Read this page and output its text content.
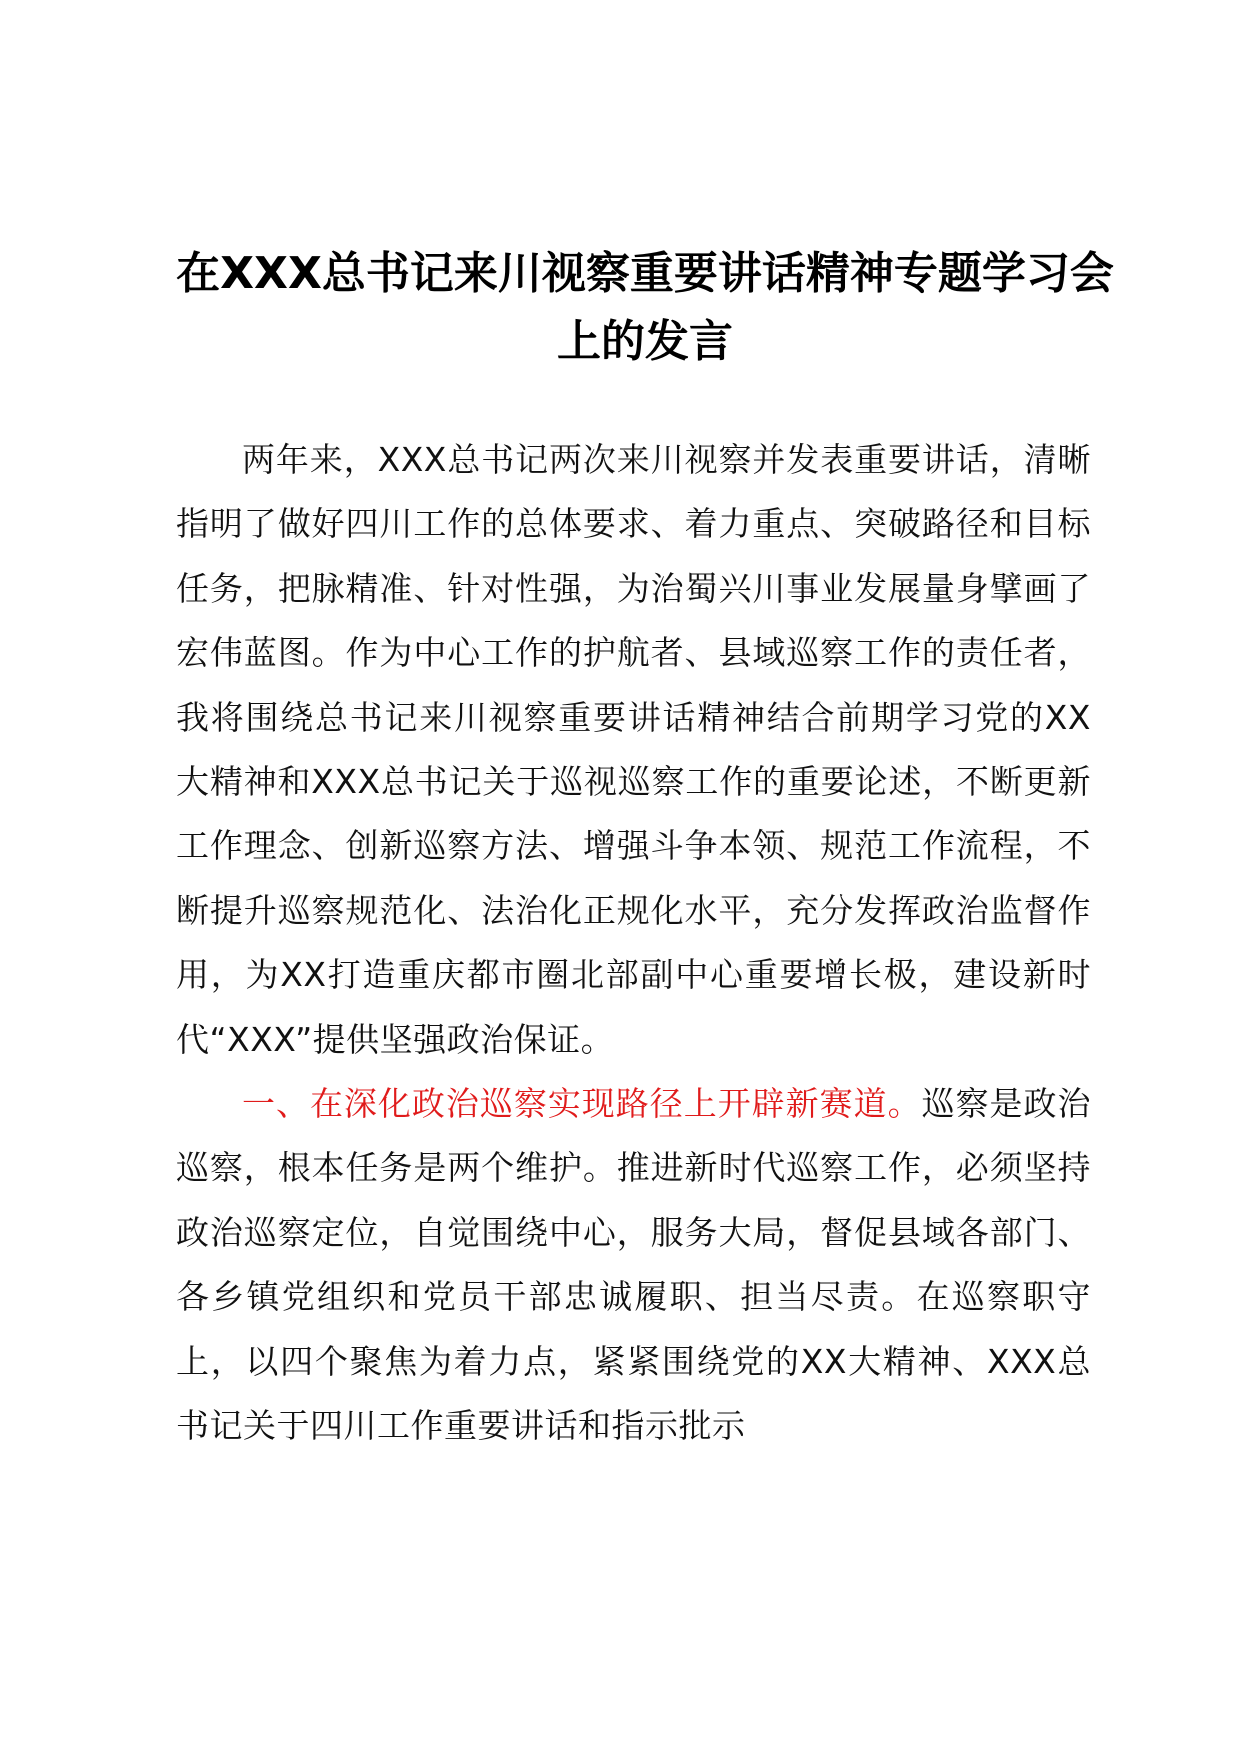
在XXX总书记来川视察重要讲话精神专题学习会上的发言

两年来，XXX总书记两次来川视察并发表重要讲话，清晰指明了做好四川工作的总体要求、着力重点、突破路径和目标任务，把脉精准、针对性强，为治蜀兴川事业发展量身擘画了宏伟蓝图。作为中心工作的护航者、县域巡察工作的责任者，我将围绕总书记来川视察重要讲话精神结合前期学习党的XX大精神和XXX总书记关于巡视巡察工作的重要论述，不断更新工作理念、创新巡察方法、增强斗争本领、规范工作流程，不断提升巡察规范化、法治化正规化水平，充分发挥政治监督作用，为XX打造重庆都市圈北部副中心重要增长极，建设新时代“XXX”提供坚强政治保证。

一、在深化政治巡察实现路径上开辟新赛道。巡察是政治巡察，根本任务是两个维护。推进新时代巡察工作，必须坚持政治巡察定位，自觉围绕中心，服务大局，督促县域各部门、各乡镇党组织和党员干部忠诚履职、担当尽责。在巡察职守上，以四个聚焦为着力点，紧紧围绕党的XX大精神、XXX总书记关于四川工作重要讲话和指示批示
